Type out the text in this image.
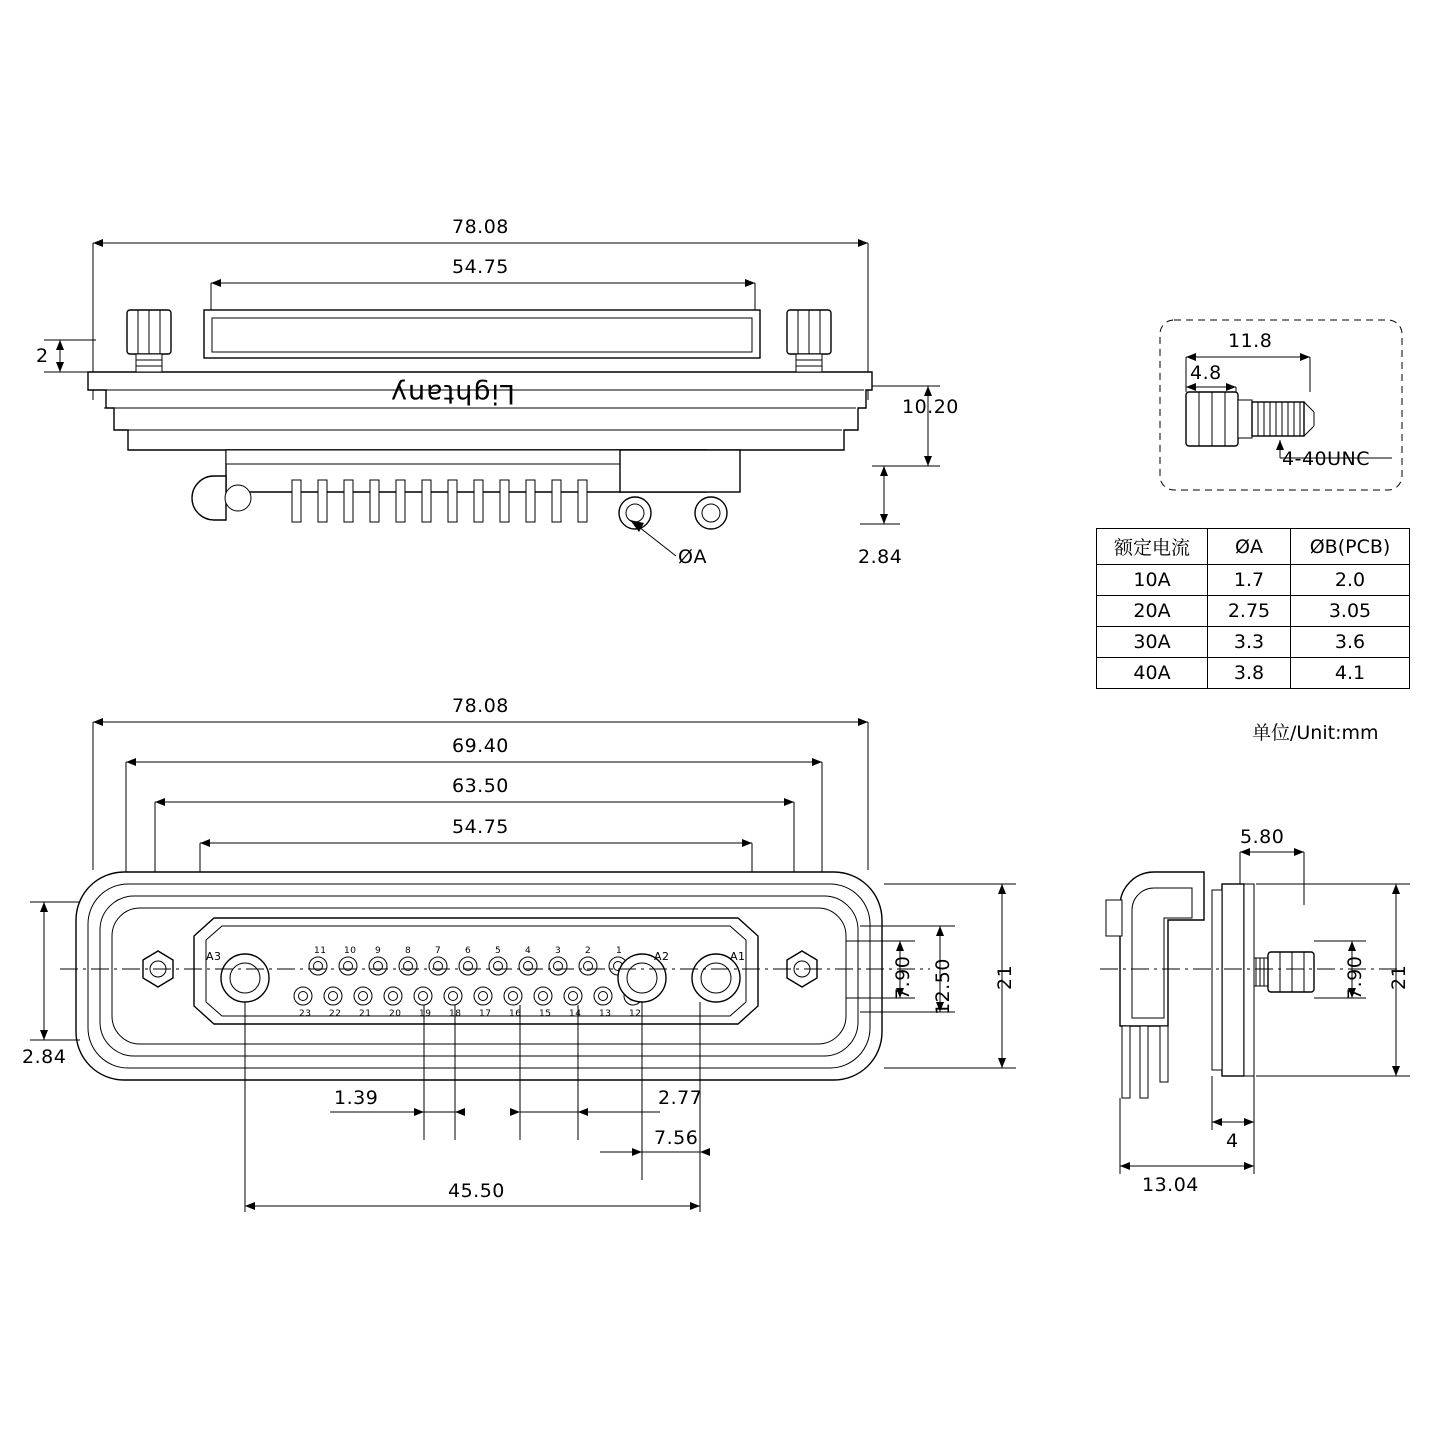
78.08
54.75
2
10.20
2.84
ØA
Lightany
11.8
4.8
4-40UNC
78.08
69.40
63.50
54.75
2.84
7.90 12.50 21
1.39	2.77
7.56
45.50
11 10 9	8	7	6	5	4	3	2	1
23 22 21 20 19 18 17 16 15 14 13 12
A3	A2	A1
5.80
7.90 21
4
13.04
额定电流	ØA	ØB(PCB)
10A	1.7	2.0
20A	2.75	3.05
30A	3.3	3.6
40A	3.8	4.1
单位/Unit:mm
